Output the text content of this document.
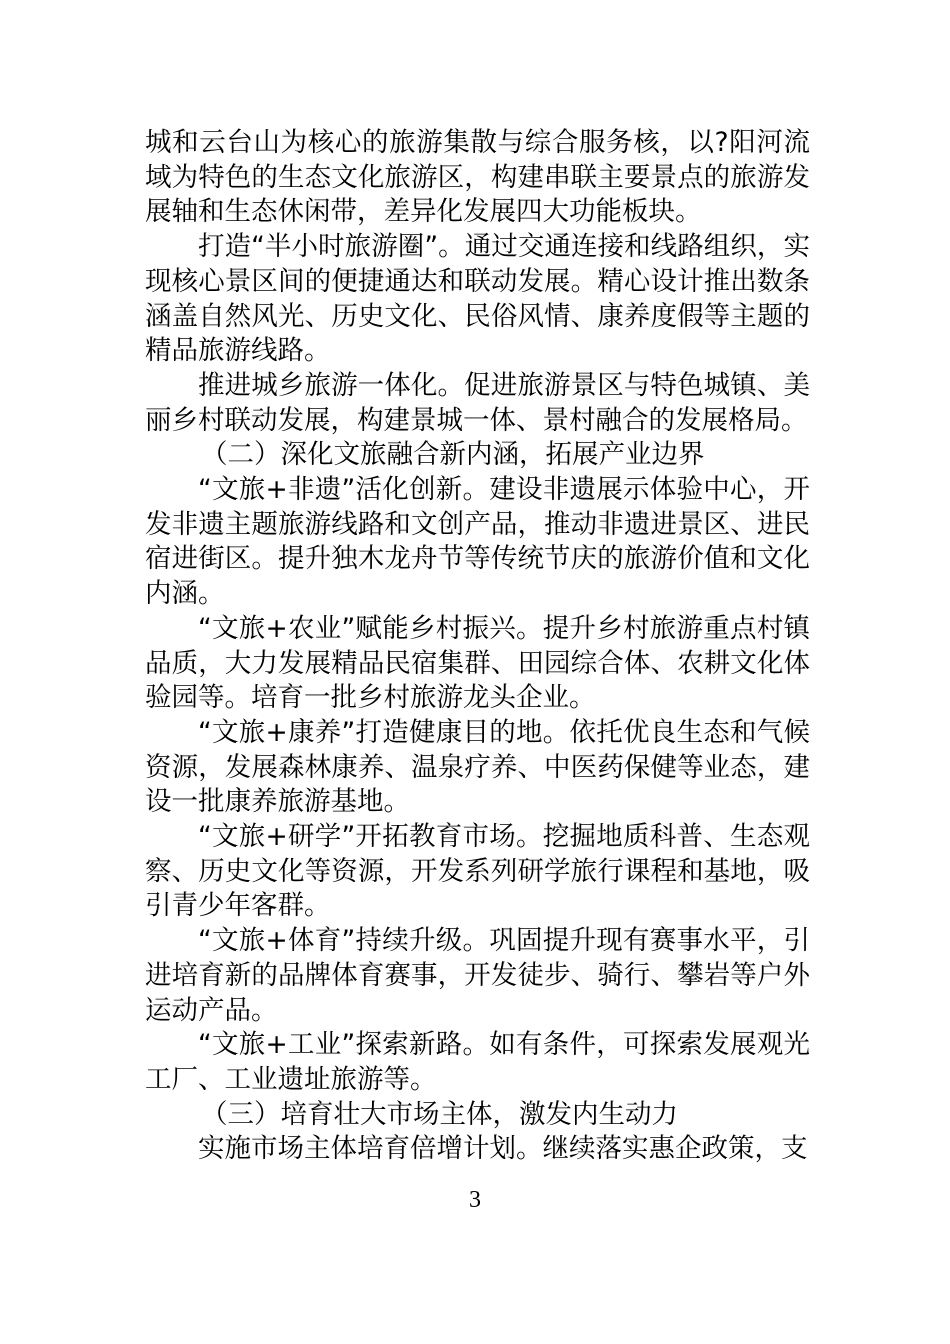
城和云台山为核心的旅游集散与综合服务核，以?阳河流域为特色的生态文化旅游区，构建串联主要景点的旅游发展轴和生态休闲带，差异化发展四大功能板块。

打造“半小时旅游圈”。通过交通连接和线路组织，实现核心景区间的便捷通达和联动发展。精心设计推出数条涵盖自然风光、历史文化、民俗风情、康养度假等主题的精品旅游线路。

推进城乡旅游一体化。促进旅游景区与特色城镇、美丽乡村联动发展，构建景城一体、景村融合的发展格局。

（二）深化文旅融合新内涵，拓展产业边界

“文旅+非遗”活化创新。建设非遗展示体验中心，开发非遗主题旅游线路和文创产品，推动非遗进景区、进民宿进街区。提升独木龙舟节等传统节庆的旅游价值和文化内涵。

“文旅+农业”赋能乡村振兴。提升乡村旅游重点村镇品质，大力发展精品民宿集群、田园综合体、农耕文化体验园等。培育一批乡村旅游龙头企业。

“文旅+康养”打造健康目的地。依托优良生态和气候资源，发展森林康养、温泉疗养、中医药保健等业态，建设一批康养旅游基地。

“文旅+研学”开拓教育市场。挖掘地质科普、生态观察、历史文化等资源，开发系列研学旅行课程和基地，吸引青少年客群。

“文旅+体育”持续升级。巩固提升现有赛事水平，引进培育新的品牌体育赛事，开发徒步、骑行、攀岩等户外运动产品。

“文旅+工业”探索新路。如有条件，可探索发展观光工厂、工业遗址旅游等。

（三）培育壮大市场主体，激发内生动力

实施市场主体培育倍增计划。继续落实惠企政策，支

3
